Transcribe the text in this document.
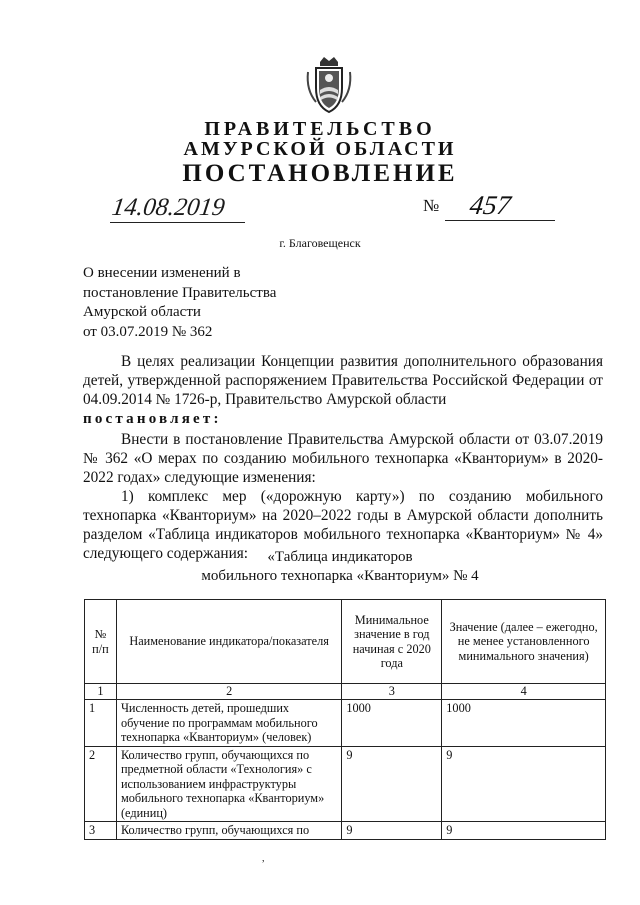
ПРАВИТЕЛЬСТВО
АМУРСКОЙ ОБЛАСТИ
ПОСТАНОВЛЕНИЕ
14.08.2019	№ 457
г. Благовещенск
О внесении изменений в
постановление Правительства
Амурской области
от 03.07.2019 № 362
В целях реализации Концепции развития дополнительного образования
детей, утвержденной распоряжением Правительства Российской Федерации от
04.09.2014 № 1726-р, Правительство Амурской области
постановляет:
Внести в постановление Правительства Амурской области от 03.07.2019
№ 362 «О мерах по созданию мобильного технопарка «Кванториум» в 2020-
2022 годах» следующие изменения:
1) комплекс мер («дорожную карту») по созданию мобильного
технопарка «Кванториум» на 2020–2022 годы в Амурской области дополнить
разделом «Таблица индикаторов мобильного технопарка «Кванториум» № 4»
следующего содержания:	«Таблица индикаторов
мобильного технопарка «Кванториум» № 4
№ п/п	Наименование индикатора/показателя	Минимальное значение в год начиная с 2020 года	Значение (далее – ежегодно, не менее установленного минимального значения)
1	2	3	4
1	Численность детей, прошедших обучение по программам мобильного технопарка «Кванториум» (человек)	1000	1000
2	Количество групп, обучающихся по предметной области «Технология» с использованием инфраструктуры мобильного технопарка «Кванториум» (единиц)	9	9
3	Количество групп, обучающихся по	9	9
,
